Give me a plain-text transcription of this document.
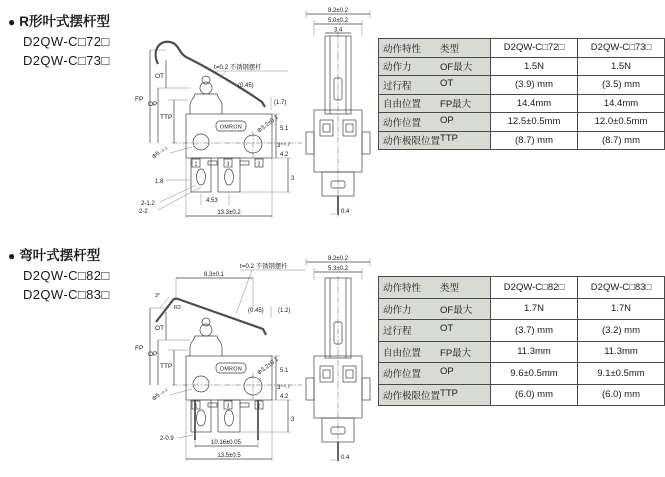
● R形叶式摆杆型
D2QW-C□72□
D2QW-C□73□
OMRON
1	3	2
FP
OT
OP
TTP
t=0.2 不锈钢摆杆
(0.45)
(1.7)
Φ3.2±0.1 5.1
3⁺⁰·²
4.2
3
Φ5₋₀.₁
1.8
2-1.2
2-2
4.53
13.3±0.2
8.2±0.2
5.0±0.2
3.4
0.4
动作特性 类型	D2QW-C□72□	D2QW-C□73□

动作力 OF最大	1.5N	1.5N

过行程 OT	(3.9) mm	(3.5) mm

自由位置 FP最大	14.4mm	14.4mm

动作位置 OP	12.5±0.5mm	12.0±0.5mm

动作极限位置 TTP	(8.7) mm	(8.7) mm
● 弯叶式摆杆型
D2QW-C□82□
D2QW-C□83□
OMRON
1	3	2
3°
R2
8.3±0.1
t=0.2 不锈钢摆杆
FP
OT
OP
TTP
(0.45) (1.2)
Φ3.2±0.1 5.1
3⁺⁰·²
4.2
3
Φ5₋₀.₁
2-0.9
10.16±0.05
13.5±0.5
8.2±0.2
5.3±0.2
0.4
动作特性 类型	D2QW-C□82□	D2QW-C□83□

动作力 OF最大	1.7N	1.7N

过行程 OT	(3.7) mm	(3.2) mm

自由位置 FP最大	11.3mm	11.3mm

动作位置 OP	9.6±0.5mm	9.1±0.5mm

动作极限位置 TTP	(6.0) mm	(6.0) mm
